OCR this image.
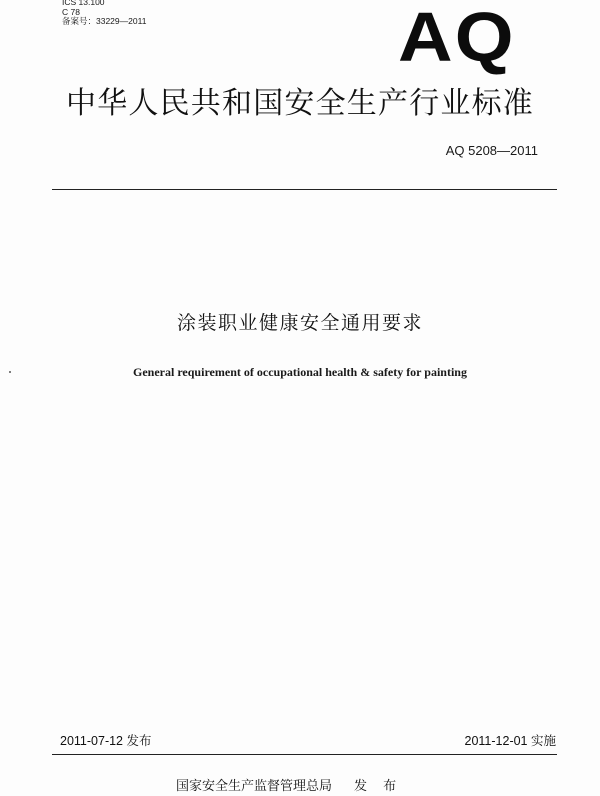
ICS 13.100
C 78
备案号：33229—2011	AQ
中华人民共和国安全生产行业标准
AQ 5208—2011
涂装职业健康安全通用要求
General requirement of occupational health & safety for painting
2011-07-12 发布	2011-12-01 实施
国家安全生产监督管理总局 发 布
